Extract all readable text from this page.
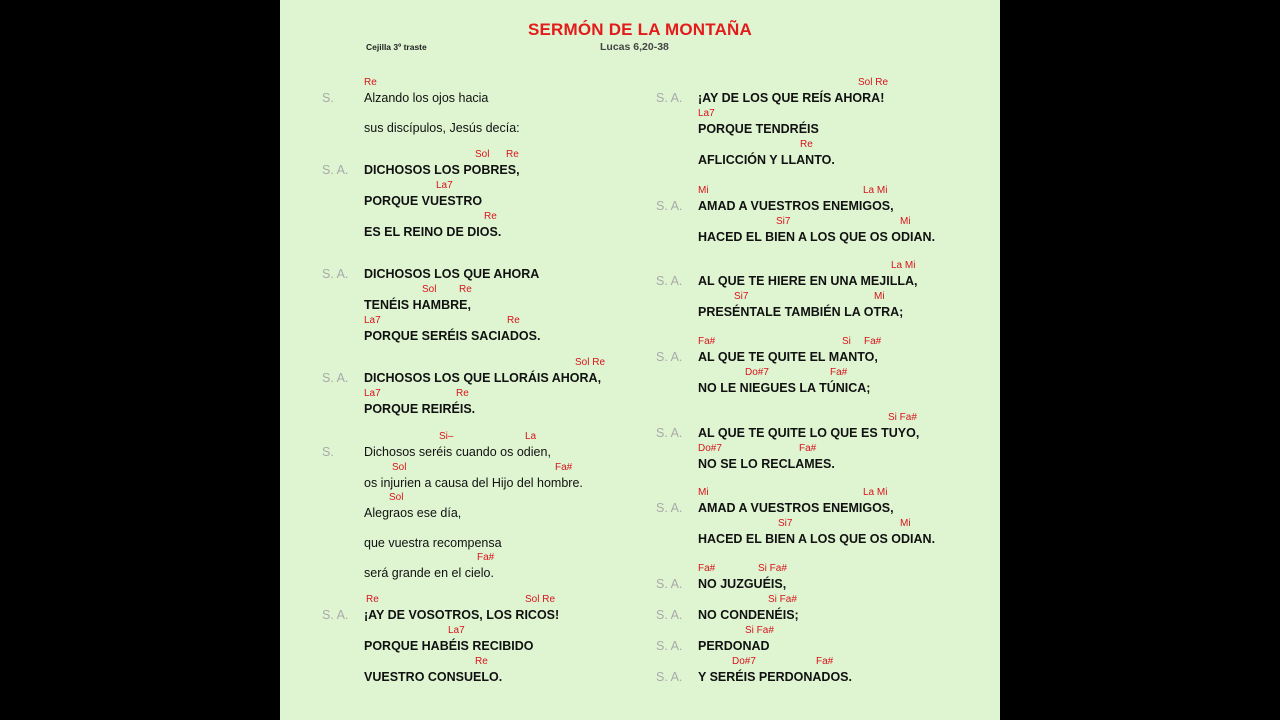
SERMÓN DE LA MONTAÑA
Cejilla 3º traste	Lucas 6,20-38
S. Alzando los ojos hacia
Re
sus discípulos, Jesús decía:
S. A. DICHOSOS LOS POBRES,
Sol Re
PORQUE VUESTRO
La7
ES EL REINO DE DIOS.
Re
S. A. DICHOSOS LOS QUE AHORA
TENÉIS HAMBRE,
Sol Re
PORQUE SERÉIS SACIADOS.
La7	Re
S. A. DICHOSOS LOS QUE LLORÁIS AHORA,
Sol Re
PORQUE REIRÉIS.
La7	Re
S. Dichosos seréis cuando os odien,
Si–	La
os injurien a causa del Hijo del hombre.
Sol	Fa#
Alegraos ese día,
Sol
que vuestra recompensa
será grande en el cielo.
Fa#
S. A. ¡AY DE VOSOTROS, LOS RICOS!
Re	Sol Re
PORQUE HABÉIS RECIBIDO
La7
VUESTRO CONSUELO.
Re
S. A. ¡AY DE LOS QUE REÍS AHORA!
Sol Re
PORQUE TENDRÉIS
La7
AFLICCIÓN Y LLANTO.
Re
S. A. AMAD A VUESTROS ENEMIGOS,
Mi	La Mi
HACED EL BIEN A LOS QUE OS ODIAN.
Si7	Mi
S. A. AL QUE TE HIERE EN UNA MEJILLA,
La Mi
PRESÉNTALE TAMBIÉN LA OTRA;
Si7	Mi
S. A. AL QUE TE QUITE EL MANTO,
Fa#	Si Fa#
NO LE NIEGUES LA TÚNICA;
Do#7	Fa#
S. A. AL QUE TE QUITE LO QUE ES TUYO,
Si Fa#
NO SE LO RECLAMES.
Do#7	Fa#
S. A. AMAD A VUESTROS ENEMIGOS,
Mi	La Mi
HACED EL BIEN A LOS QUE OS ODIAN.
Si7	Mi
S. A. NO JUZGUÉIS,
Fa#	Si Fa#
S. A. NO CONDENÉIS;
Si Fa#
S. A. PERDONAD
Si Fa#
S. A. Y SERÉIS PERDONADOS.
Do#7	Fa#
